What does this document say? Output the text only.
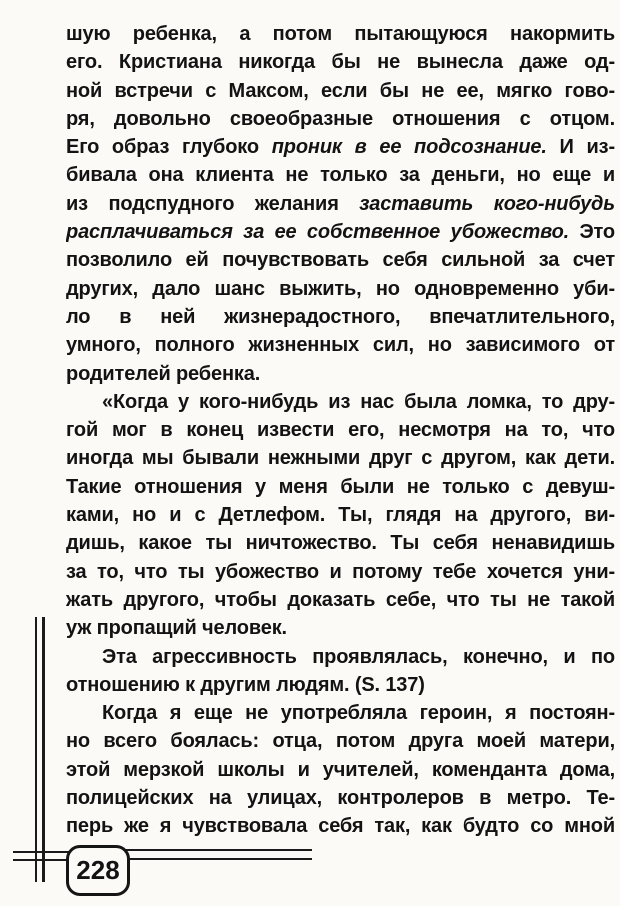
шую ребенка, а потом пытающуюся накормить
его. Кристиана никогда бы не вынесла даже од-
ной встречи с Максом, если бы не ее, мягко гово-
ря, довольно своеобразные отношения с отцом.
Его образ глубоко проник в ее подсознание. И из-
бивала она клиента не только за деньги, но еще и
из подспудного желания заставить кого-нибудь
расплачиваться за ее собственное убожество. Это
позволило ей почувствовать себя сильной за счет
других, дало шанс выжить, но одновременно уби-
ло в ней жизнерадостного, впечатлительного,
умного, полного жизненных сил, но зависимого от
родителей ребенка.
«Когда у кого-нибудь из нас была ломка, то дру-
гой мог в конец извести его, несмотря на то, что
иногда мы бывали нежными друг с другом, как дети.
Такие отношения у меня были не только с девуш-
ками, но и с Детлефом. Ты, глядя на другого, ви-
дишь, какое ты ничтожество. Ты себя ненавидишь
за то, что ты убожество и потому тебе хочется уни-
жать другого, чтобы доказать себе, что ты не такой
уж пропащий человек.
Эта агрессивность проявлялась, конечно, и по
отношению к другим людям. (S. 137)
Когда я еще не употребляла героин, я постоян-
но всего боялась: отца, потом друга моей матери,
этой мерзкой школы и учителей, коменданта дома,
полицейских на улицах, контролеров в метро. Те-
перь же я чувствовала себя так, как будто со мной
228
